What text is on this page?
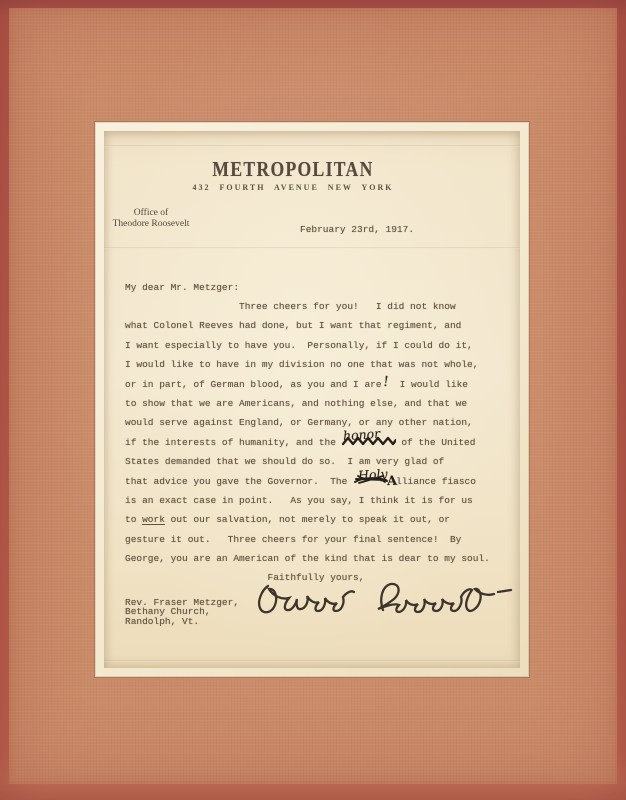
METROPOLITAN
432 FOURTH AVENUE NEW YORK
Office of
Theodore Roosevelt
February 23rd, 1917.
My dear Mr. Metzger:
Three cheers for you!   I did not know
what Colonel Reeves had done, but I want that regiment, and
I want especially to have you.  Personally, if I could do it,
I would like to have in my division no one that was not whole,
or in part, of German blood, as you and I are!  I would like
to show that we are Americans, and nothing else, and that we
would serve against England, or Germany, or any other nation,
if the interests of humanity, and the honor of the United
States demanded that we should do so.  I am very glad of
that advice you gave the Governor.  The Holy
Alliance fiasco
is an exact case in point.   As you say, I think it is for us
to work out our salvation, not merely to speak it out, or
gesture it out.   Three cheers for your final sentence!  By
George, you are an American of the kind that is dear to my soul.
Faithfully yours,
Rev. Fraser Metzger,
Bethany Church,
Randolph, Vt.
